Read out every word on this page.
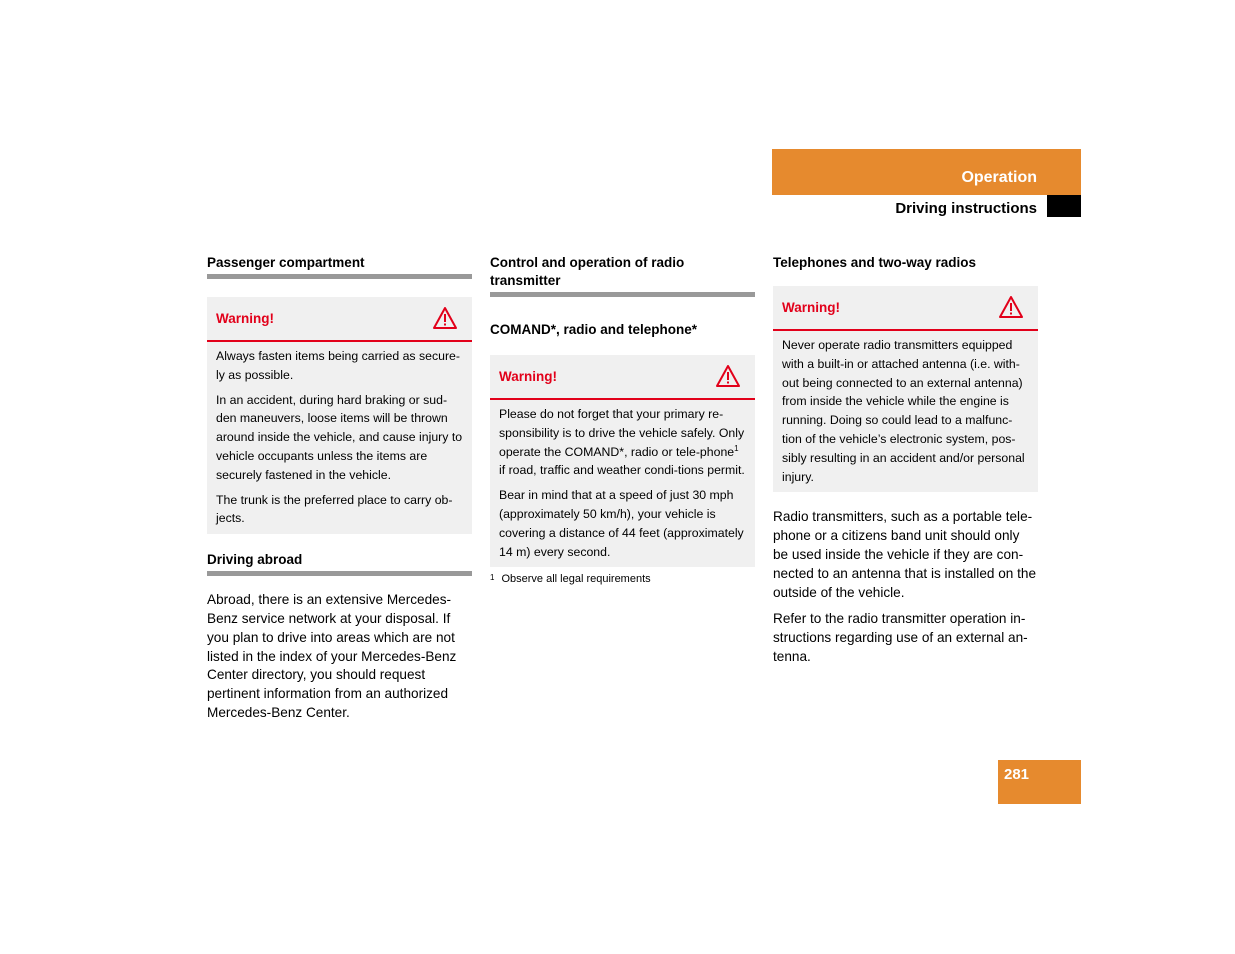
Operation
Driving instructions
Passenger compartment
Warning!

Always fasten items being carried as secure-ly as possible.

In an accident, during hard braking or sud-den maneuvers, loose items will be thrown around inside the vehicle, and cause injury to vehicle occupants unless the items are securely fastened in the vehicle.

The trunk is the preferred place to carry ob-jects.

Driving abroad

Abroad, there is an extensive Mercedes-Benz service network at your disposal. If you plan to drive into areas which are not listed in the index of your Mercedes-Benz Center directory, you should request pertinent information from an authorized Mercedes-Benz Center.

Control and operation of radio transmitter
COMAND*, radio and telephone*
Warning!

Please do not forget that your primary re-sponsibility is to drive the vehicle safely. Only operate the COMAND*, radio or tele-phone$^1$ if road, traffic and weather condi-tions permit.

Bear in mind that at a speed of just 30 mph (approximately 50 km/h), your vehicle is covering a distance of 44 feet (approximately 14 m) every second.

1 Observe all legal requirements
Telephones and two-way radios
Warning!

Never operate radio transmitters equipped with a built-in or attached antenna (i.e. with-out being connected to an external antenna) from inside the vehicle while the engine is running. Doing so could lead to a malfunc-tion of the vehicle’s electronic system, pos-sibly resulting in an accident and/or personal injury.

Radio transmitters, such as a portable tele-phone or a citizens band unit should only be used inside the vehicle if they are con-nected to an antenna that is installed on the outside of the vehicle.

Refer to the radio transmitter operation in-structions regarding use of an external an-tenna.

281
